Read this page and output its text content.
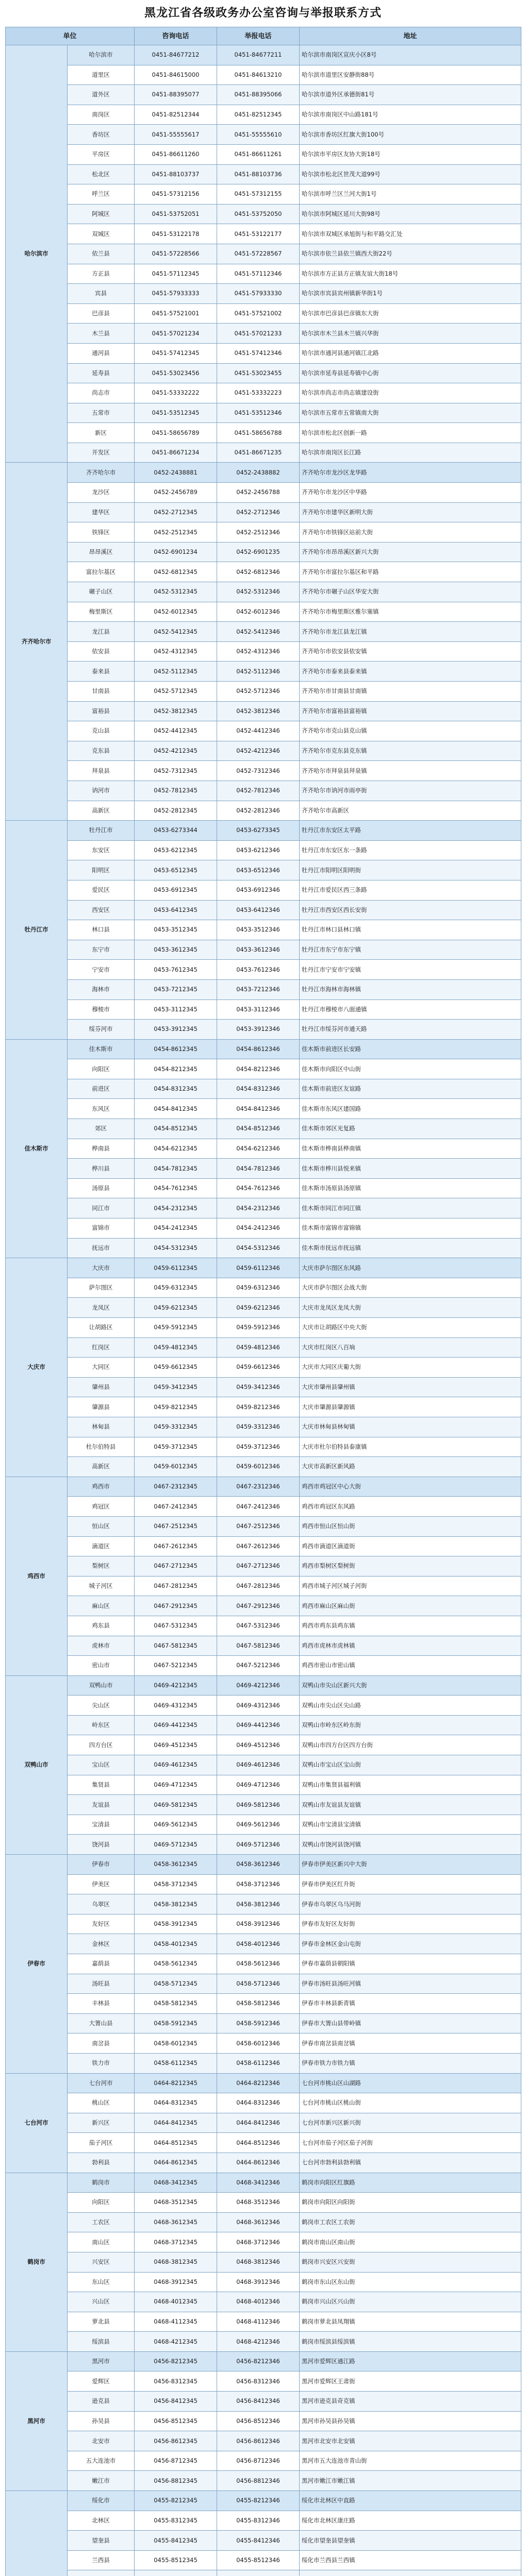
黑龙江省各级政务办公室咨询与举报联系方式
单位		咨询电话	举报电话	地址
哈尔滨市	哈尔滨市	0451-84677212	0451-84677211	哈尔滨市南岗区宣庆小区8号
	道里区	0451-84615000	0451-84613210	哈尔滨市道里区安静街88号
	道外区	0451-88395077	0451-88395066	哈尔滨市道外区承德街81号
	南岗区	0451-82512344	0451-82512345	哈尔滨市南岗区中山路181号
	香坊区	0451-55555617	0451-55555610	哈尔滨市香坊区红旗大街100号
	平房区	0451-86611260	0451-86611261	哈尔滨市平房区友协大街18号
	松北区	0451-88103737	0451-88103736	哈尔滨市松北区世茂大道99号
	呼兰区	0451-57312156	0451-57312155	哈尔滨市呼兰区兰河大街1号
	阿城区	0451-53752051	0451-53752050	哈尔滨市阿城区延川大街98号
	双城区	0451-53122178	0451-53122177	哈尔滨市双城区承旭街与和平路交汇处
	依兰县	0451-57228566	0451-57228567	哈尔滨市依兰县依兰镇西大街22号
	方正县	0451-57112345	0451-57112346	哈尔滨市方正县方正镇友谊大街18号
	宾县	0451-57933333	0451-57933330	哈尔滨市宾县宾州镇新华街1号
	巴彦县	0451-57521001	0451-57521002	哈尔滨市巴彦县巴彦镇东大街
	木兰县	0451-57021234	0451-57021233	哈尔滨市木兰县木兰镇兴华街
	通河县	0451-57412345	0451-57412346	哈尔滨市通河县通河镇江北路
	延寿县	0451-53023456	0451-53023455	哈尔滨市延寿县延寿镇中心街
	尚志市	0451-53332222	0451-53332223	哈尔滨市尚志市尚志镇建设街
	五常市	0451-53512345	0451-53512346	哈尔滨市五常市五常镇南大街
	新区	0451-58656789	0451-58656788	哈尔滨市松北区创新一路
	开发区	0451-86671234	0451-86671235	哈尔滨市南岗区长江路
齐齐哈尔市	齐齐哈尔市	0452-2438881	0452-2438882	齐齐哈尔市龙沙区龙华路
	龙沙区	0452-2456789	0452-2456788	齐齐哈尔市龙沙区中华路
	建华区	0452-2712345	0452-2712346	齐齐哈尔市建华区新明大街
	铁锋区	0452-2512345	0452-2512346	齐齐哈尔市铁锋区站前大街
	昂昂溪区	0452-6901234	0452-6901235	齐齐哈尔市昂昂溪区新兴大街
	富拉尔基区	0452-6812345	0452-6812346	齐齐哈尔市富拉尔基区和平路
	碾子山区	0452-5312345	0452-5312346	齐齐哈尔市碾子山区华安大街
	梅里斯区	0452-6012345	0452-6012346	齐齐哈尔市梅里斯区雅尔塞镇
	龙江县	0452-5412345	0452-5412346	齐齐哈尔市龙江县龙江镇
	依安县	0452-4312345	0452-4312346	齐齐哈尔市依安县依安镇
	泰来县	0452-5112345	0452-5112346	齐齐哈尔市泰来县泰来镇
	甘南县	0452-5712345	0452-5712346	齐齐哈尔市甘南县甘南镇
	富裕县	0452-3812345	0452-3812346	齐齐哈尔市富裕县富裕镇
	克山县	0452-4412345	0452-4412346	齐齐哈尔市克山县克山镇
	克东县	0452-4212345	0452-4212346	齐齐哈尔市克东县克东镇
	拜泉县	0452-7312345	0452-7312346	齐齐哈尔市拜泉县拜泉镇
	讷河市	0452-7812345	0452-7812346	齐齐哈尔市讷河市雨亭街
	高新区	0452-2812345	0452-2812346	齐齐哈尔市高新区
牡丹江市	牡丹江市	0453-6273344	0453-6273345	牡丹江市东安区太平路
	东安区	0453-6212345	0453-6212346	牡丹江市东安区东一条路
	阳明区	0453-6512345	0453-6512346	牡丹江市阳明区阳明街
	爱民区	0453-6912345	0453-6912346	牡丹江市爱民区西三条路
	西安区	0453-6412345	0453-6412346	牡丹江市西安区西长安街
	林口县	0453-3512345	0453-3512346	牡丹江市林口县林口镇
	东宁市	0453-3612345	0453-3612346	牡丹江市东宁市东宁镇
	宁安市	0453-7612345	0453-7612346	牡丹江市宁安市宁安镇
	海林市	0453-7212345	0453-7212346	牡丹江市海林市海林镇
	穆棱市	0453-3112345	0453-3112346	牡丹江市穆棱市八面通镇
	绥芬河市	0453-3912345	0453-3912346	牡丹江市绥芬河市通天路
佳木斯市	佳木斯市	0454-8612345	0454-8612346	佳木斯市前进区长安路
	向阳区	0454-8212345	0454-8212346	佳木斯市向阳区中山街
	前进区	0454-8312345	0454-8312346	佳木斯市前进区友谊路
	东风区	0454-8412345	0454-8412346	佳木斯市东风区建国路
	郊区	0454-8512345	0454-8512346	佳木斯市郊区光复路
	桦南县	0454-6212345	0454-6212346	佳木斯市桦南县桦南镇
	桦川县	0454-7812345	0454-7812346	佳木斯市桦川县悦来镇
	汤原县	0454-7612345	0454-7612346	佳木斯市汤原县汤原镇
	同江市	0454-2312345	0454-2312346	佳木斯市同江市同江镇
	富锦市	0454-2412345	0454-2412346	佳木斯市富锦市富锦镇
	抚远市	0454-5312345	0454-5312346	佳木斯市抚远市抚远镇
大庆市	大庆市	0459-6112345	0459-6112346	大庆市萨尔图区东风路
	萨尔图区	0459-6312345	0459-6312346	大庆市萨尔图区会战大街
	龙凤区	0459-6212345	0459-6212346	大庆市龙凤区龙凤大街
	让胡路区	0459-5912345	0459-5912346	大庆市让胡路区中央大街
	红岗区	0459-4812345	0459-4812346	大庆市红岗区八百垧
	大同区	0459-6612345	0459-6612346	大庆市大同区庆葡大街
	肇州县	0459-3412345	0459-3412346	大庆市肇州县肇州镇
	肇源县	0459-8212345	0459-8212346	大庆市肇源县肇源镇
	林甸县	0459-3312345	0459-3312346	大庆市林甸县林甸镇
	杜尔伯特县	0459-3712345	0459-3712346	大庆市杜尔伯特县泰康镇
	高新区	0459-6012345	0459-6012346	大庆市高新区新风路
鸡西市	鸡西市	0467-2312345	0467-2312346	鸡西市鸡冠区中心大街
	鸡冠区	0467-2412345	0467-2412346	鸡西市鸡冠区东风路
	恒山区	0467-2512345	0467-2512346	鸡西市恒山区恒山街
	滴道区	0467-2612345	0467-2612346	鸡西市滴道区滴道街
	梨树区	0467-2712345	0467-2712346	鸡西市梨树区梨树街
	城子河区	0467-2812345	0467-2812346	鸡西市城子河区城子河街
	麻山区	0467-2912345	0467-2912346	鸡西市麻山区麻山街
	鸡东县	0467-5312345	0467-5312346	鸡西市鸡东县鸡东镇
	虎林市	0467-5812345	0467-5812346	鸡西市虎林市虎林镇
	密山市	0467-5212345	0467-5212346	鸡西市密山市密山镇
双鸭山市	双鸭山市	0469-4212345	0469-4212346	双鸭山市尖山区新兴大街
	尖山区	0469-4312345	0469-4312346	双鸭山市尖山区尖山路
	岭东区	0469-4412345	0469-4412346	双鸭山市岭东区岭东街
	四方台区	0469-4512345	0469-4512346	双鸭山市四方台区四方台街
	宝山区	0469-4612345	0469-4612346	双鸭山市宝山区宝山街
	集贤县	0469-4712345	0469-4712346	双鸭山市集贤县福利镇
	友谊县	0469-5812345	0469-5812346	双鸭山市友谊县友谊镇
	宝清县	0469-5612345	0469-5612346	双鸭山市宝清县宝清镇
	饶河县	0469-5712345	0469-5712346	双鸭山市饶河县饶河镇
伊春市	伊春市	0458-3612345	0458-3612346	伊春市伊美区新兴中大街
	伊美区	0458-3712345	0458-3712346	伊春市伊美区红升街
	乌翠区	0458-3812345	0458-3812346	伊春市乌翠区乌马河街
	友好区	0458-3912345	0458-3912346	伊春市友好区友好街
	金林区	0458-4012345	0458-4012346	伊春市金林区金山屯街
	嘉荫县	0458-5612345	0458-5612346	伊春市嘉荫县朝阳镇
	汤旺县	0458-5712345	0458-5712346	伊春市汤旺县汤旺河镇
	丰林县	0458-5812345	0458-5812346	伊春市丰林县新青镇
	大箐山县	0458-5912345	0458-5912346	伊春市大箐山县带岭镇
	南岔县	0458-6012345	0458-6012346	伊春市南岔县南岔镇
	铁力市	0458-6112345	0458-6112346	伊春市铁力市铁力镇
七台河市	七台河市	0464-8212345	0464-8212346	七台河市桃山区山湖路
	桃山区	0464-8312345	0464-8312346	七台河市桃山区桃山街
	新兴区	0464-8412345	0464-8412346	七台河市新兴区新兴街
	茄子河区	0464-8512345	0464-8512346	七台河市茄子河区茄子河街
	勃利县	0464-8612345	0464-8612346	七台河市勃利县勃利镇
鹤岗市	鹤岗市	0468-3412345	0468-3412346	鹤岗市向阳区红旗路
	向阳区	0468-3512345	0468-3512346	鹤岗市向阳区向阳街
	工农区	0468-3612345	0468-3612346	鹤岗市工农区工农街
	南山区	0468-3712345	0468-3712346	鹤岗市南山区南山街
	兴安区	0468-3812345	0468-3812346	鹤岗市兴安区兴安街
	东山区	0468-3912345	0468-3912346	鹤岗市东山区东山街
	兴山区	0468-4012345	0468-4012346	鹤岗市兴山区兴山街
	萝北县	0468-4112345	0468-4112346	鹤岗市萝北县凤翔镇
	绥滨县	0468-4212345	0468-4212346	鹤岗市绥滨县绥滨镇
黑河市	黑河市	0456-8212345	0456-8212346	黑河市爱辉区通江路
	爱辉区	0456-8312345	0456-8312346	黑河市爱辉区王肃街
	逊克县	0456-8412345	0456-8412346	黑河市逊克县奇克镇
	孙吴县	0456-8512345	0456-8512346	黑河市孙吴县孙吴镇
	北安市	0456-8612345	0456-8612346	黑河市北安市北安镇
	五大连池市	0456-8712345	0456-8712346	黑河市五大连池市青山街
	嫩江市	0456-8812345	0456-8812346	黑河市嫩江市嫩江镇
	绥化市	0455-8212345	0455-8212346	绥化市北林区中直路
	北林区	0455-8312345	0455-8312346	绥化市北林区康庄路
	望奎县	0455-8412345	0455-8412346	绥化市望奎县望奎镇
	兰西县	0455-8512345	0455-8512346	绥化市兰西县兰西镇
